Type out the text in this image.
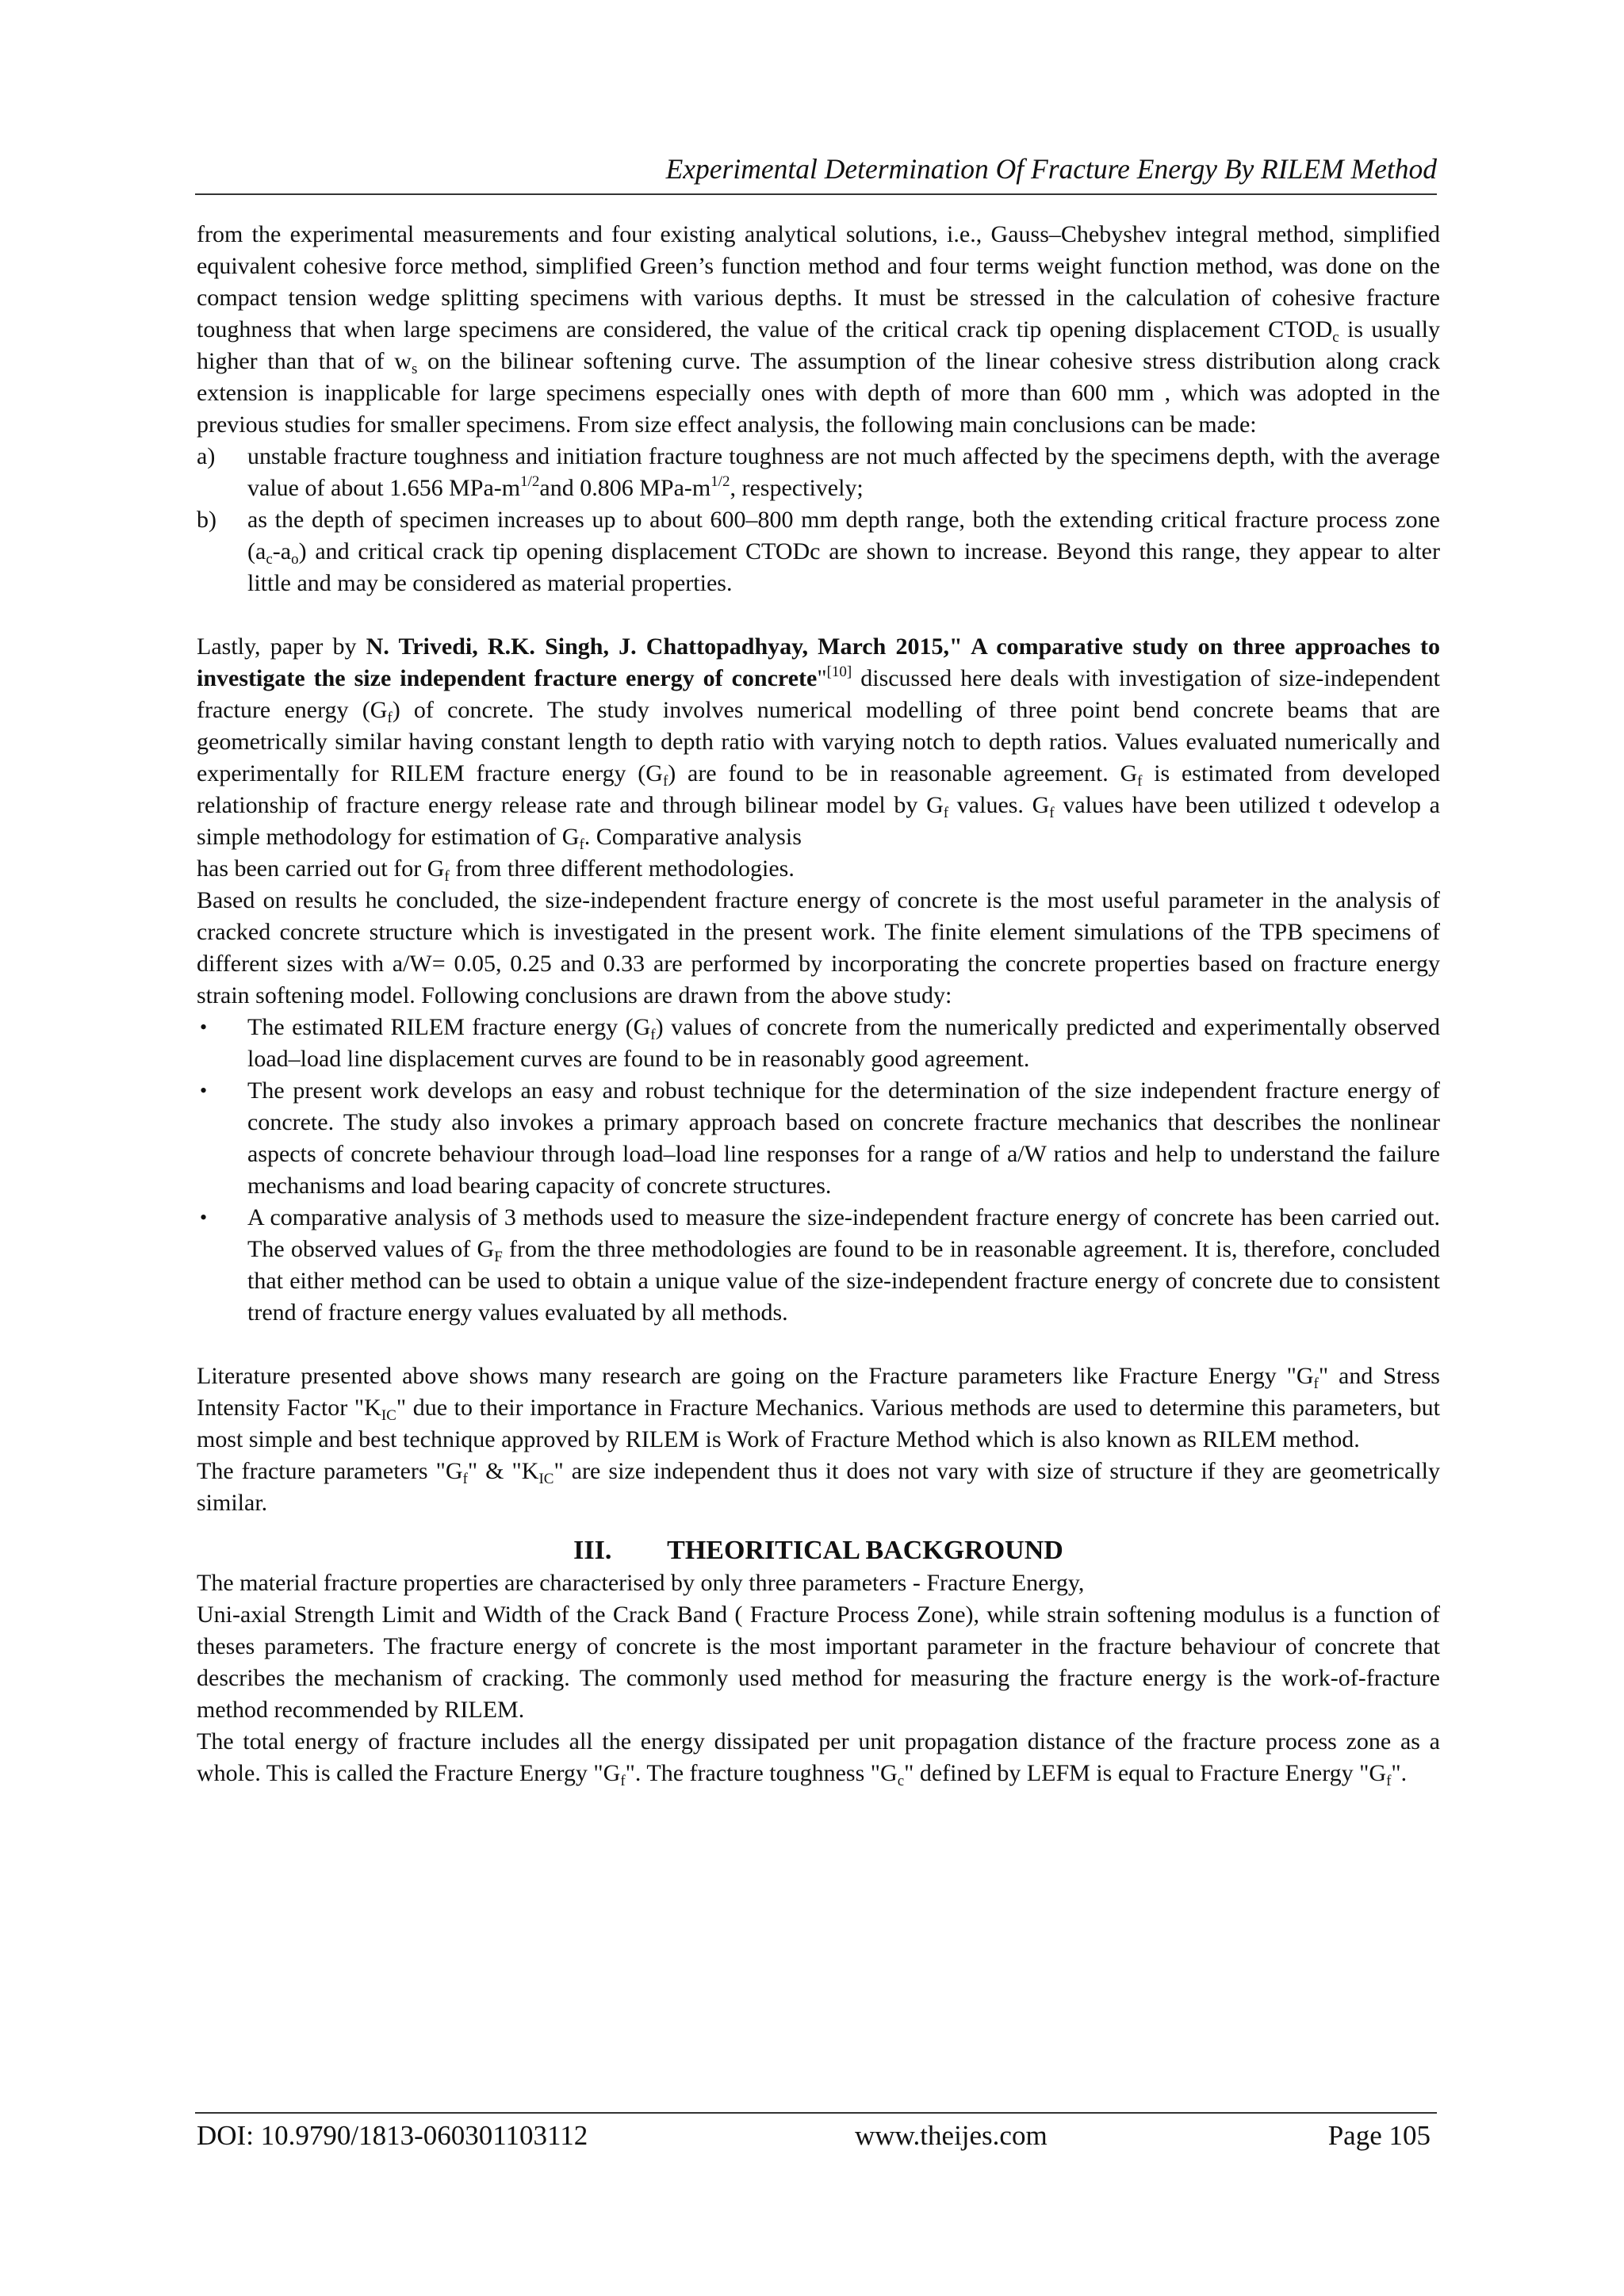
Experimental Determination Of Fracture Energy By RILEM Method

from the experimental measurements and four existing analytical solutions, i.e., Gauss–Chebyshev integral method, simplified equivalent cohesive force method, simplified Green’s function method and four terms weight function method, was done on the compact tension wedge splitting specimens with various depths. It must be stressed in the calculation of cohesive fracture toughness that when large specimens are considered, the value of the critical crack tip opening displacement $CTOD_c$ is usually higher than that of $w_s$ on the bilinear softening curve. The assumption of the linear cohesive stress distribution along crack extension is inapplicable for large specimens especially ones with depth of more than 600 mm , which was adopted in the previous studies for smaller specimens. From size effect analysis, the following main conclusions can be made:

a) unstable fracture toughness and initiation fracture toughness are not much affected by the specimens depth, with the average value of about 1.656 MPa-$m^{1/2}and$ 0.806 MPa-$m^{1/2}$, respectively;
b) as the depth of specimen increases up to about 600–800 mm depth range, both the extending critical fracture process zone $(a_c-a_o)$ and critical crack tip opening displacement CTODc are shown to increase. Beyond this range, they appear to alter little and may be considered as material properties.

Lastly, paper by N. Trivedi, R.K. Singh, J. Chattopadhyay, March 2015," A comparative study on three approaches to investigate the size independent fracture energy of concrete"[10] discussed here deals with investigation of size-independent fracture energy $(G_f)$ of concrete. The study involves numerical modelling of three point bend concrete beams that are geometrically similar having constant length to depth ratio with varying notch to depth ratios. Values evaluated numerically and experimentally for RILEM fracture energy $(G_f)$ are found to be in reasonable agreement. $G_f$ is estimated from developed relationship of fracture energy release rate and through bilinear model by $G_f$ values. $G_f$ values have been utilized t odevelop a simple methodology for estimation of $G_f$. Comparative analysis

has been carried out for $G_f$ from three different methodologies.

Based on results he concluded, the size-independent fracture energy of concrete is the most useful parameter in the analysis of cracked concrete structure which is investigated in the present work. The finite element simulations of the TPB specimens of different sizes with a/W= 0.05, 0.25 and 0.33 are performed by incorporating the concrete properties based on fracture energy strain softening model. Following conclusions are drawn from the above study:

• The estimated RILEM fracture energy $(G_f)$ values of concrete from the numerically predicted and experimentally observed load–load line displacement curves are found to be in reasonably good agreement.
• The present work develops an easy and robust technique for the determination of the size independent fracture energy of concrete. The study also invokes a primary approach based on concrete fracture mechanics that describes the nonlinear aspects of concrete behaviour through load–load line responses for a range of a/W ratios and help to understand the failure mechanisms and load bearing capacity of concrete structures.
• A comparative analysis of 3 methods used to measure the size-independent fracture energy of concrete has been carried out. The observed values of $G_F$ from the three methodologies are found to be in reasonable agreement. It is, therefore, concluded that either method can be used to obtain a unique value of the size-independent fracture energy of concrete due to consistent trend of fracture energy values evaluated by all methods.

Literature presented above shows many research are going on the Fracture parameters like Fracture Energy "$G_f$" and Stress Intensity Factor "$K_{IC}$" due to their importance in Fracture Mechanics. Various methods are used to determine this parameters, but most simple and best technique approved by RILEM is Work of Fracture Method which is also known as RILEM method.

The fracture parameters "$G_f$" & "$K_{IC}$" are size independent thus it does not vary with size of structure if they are geometrically similar.

III. THEORITICAL BACKGROUND

The material fracture properties are characterised by only three parameters - Fracture Energy,

Uni-axial Strength Limit and Width of the Crack Band ( Fracture Process Zone), while strain softening modulus is a function of theses parameters. The fracture energy of concrete is the most important parameter in the fracture behaviour of concrete that describes the mechanism of cracking. The commonly used method for measuring the fracture energy is the work-of-fracture method recommended by RILEM.

The total energy of fracture includes all the energy dissipated per unit propagation distance of the fracture process zone as a whole. This is called the Fracture Energy "$G_f$". The fracture toughness "$G_c$" defined by LEFM is equal to Fracture Energy "$G_f$".

DOI: 10.9790/1813-060301103112	www.theijes.com	Page 105
